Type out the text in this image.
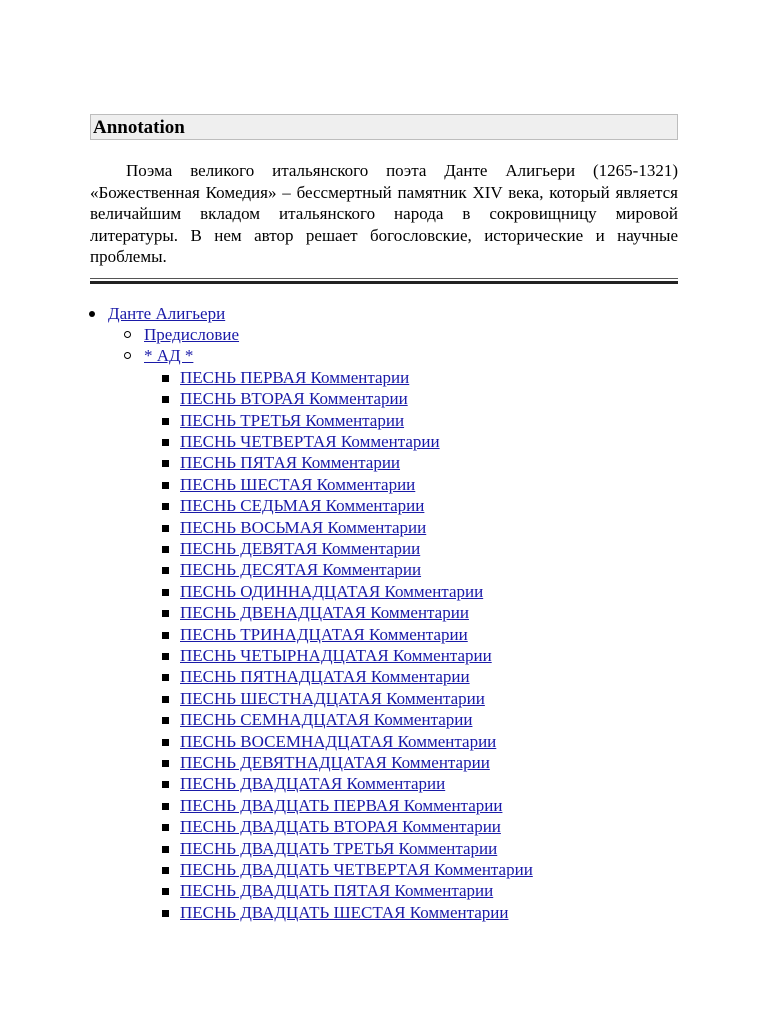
Annotation

Поэма великого итальянского поэта Данте Алигьери (1265-1321) «Божественная Комедия» – бессмертный памятник XIV века, который является величайшим вкладом итальянского народа в сокровищницу мировой литературы. В нем автор решает богословские, исторические и научные проблемы.

Данте Алигьери
Предисловие
* АД *
ПЕСНЬ ПЕРВАЯ Комментарии
ПЕСНЬ ВТОРАЯ Комментарии
ПЕСНЬ ТРЕТЬЯ Комментарии
ПЕСНЬ ЧЕТВЕРТАЯ Комментарии
ПЕСНЬ ПЯТАЯ Комментарии
ПЕСНЬ ШЕСТАЯ Комментарии
ПЕСНЬ СЕДЬМАЯ Комментарии
ПЕСНЬ ВОСЬМАЯ Комментарии
ПЕСНЬ ДЕВЯТАЯ Комментарии
ПЕСНЬ ДЕСЯТАЯ Комментарии
ПЕСНЬ ОДИННАДЦАТАЯ Комментарии
ПЕСНЬ ДВЕНАДЦАТАЯ Комментарии
ПЕСНЬ ТРИНАДЦАТАЯ Комментарии
ПЕСНЬ ЧЕТЫРНАДЦАТАЯ Комментарии
ПЕСНЬ ПЯТНАДЦАТАЯ Комментарии
ПЕСНЬ ШЕСТНАДЦАТАЯ Комментарии
ПЕСНЬ СЕМНАДЦАТАЯ Комментарии
ПЕСНЬ ВОСЕМНАДЦАТАЯ Комментарии
ПЕСНЬ ДЕВЯТНАДЦАТАЯ Комментарии
ПЕСНЬ ДВАДЦАТАЯ Комментарии
ПЕСНЬ ДВАДЦАТЬ ПЕРВАЯ Комментарии
ПЕСНЬ ДВАДЦАТЬ ВТОРАЯ Комментарии
ПЕСНЬ ДВАДЦАТЬ ТРЕТЬЯ Комментарии
ПЕСНЬ ДВАДЦАТЬ ЧЕТВЕРТАЯ Комментарии
ПЕСНЬ ДВАДЦАТЬ ПЯТАЯ Комментарии
ПЕСНЬ ДВАДЦАТЬ ШЕСТАЯ Комментарии
